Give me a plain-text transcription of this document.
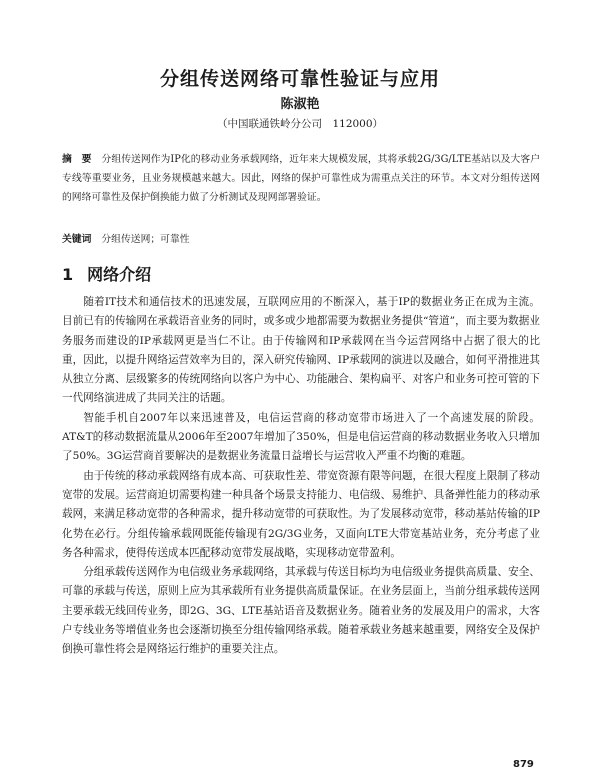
分组传送网络可靠性验证与应用
陈淑艳
（中国联通铁岭分公司　112000）
摘　要 分组传送网作为IP化的移动业务承载网络，近年来大规模发展，其将承载2G/3G/LTE基站以及大客户专线等重要业务，且业务规模越来越大。因此，网络的保护可靠性成为需重点关注的环节。本文对分组传送网的网络可靠性及保护倒换能力做了分析测试及现网部署验证。
关键词 分组传送网；可靠性
1 网络介绍

随着IT技术和通信技术的迅速发展，互联网应用的不断深入，基于IP的数据业务正在成为主流。目前已有的传输网在承载语音业务的同时，或多或少地都需要为数据业务提供“管道”，而主要为数据业务服务而建设的IP承载网更是当仁不让。由于传输网和IP承载网在当今运营网络中占据了很大的比重，因此，以提升网络运营效率为目的，深入研究传输网、IP承载网的演进以及融合，如何平滑推进其从独立分离、层级繁多的传统网络向以客户为中心、功能融合、架构扁平、对客户和业务可控可管的下一代网络演进成了共同关注的话题。

智能手机自2007年以来迅速普及，电信运营商的移动宽带市场进入了一个高速发展的阶段。AT&T的移动数据流量从2006年至2007年增加了350%，但是电信运营商的移动数据业务收入只增加了50%。3G运营商首要解决的是数据业务流量日益增长与运营收入严重不均衡的难题。

由于传统的移动承载网络有成本高、可获取性差、带宽资源有限等问题，在很大程度上限制了移动宽带的发展。运营商迫切需要构建一种具备个场景支持能力、电信级、易维护、具备弹性能力的移动承载网，来满足移动宽带的各种需求，提升移动宽带的可获取性。为了发展移动宽带，移动基站传输的IP化势在必行。分组传输承载网既能传输现有2G/3G业务，又面向LTE大带宽基站业务，充分考虑了业务各种需求，使得传送成本匹配移动宽带发展战略，实现移动宽带盈利。

分组承载传送网作为电信级业务承载网络，其承载与传送目标均为电信级业务提供高质量、安全、可靠的承载与传送，原则上应为其承载所有业务提供高质量保证。在业务层面上，当前分组承载传送网主要承载无线回传业务，即2G、3G、LTE基站语音及数据业务。随着业务的发展及用户的需求，大客户专线业务等增值业务也会逐渐切换至分组传输网络承载。随着承载业务越来越重要，网络安全及保护倒换可靠性将会是网络运行维护的重要关注点。

879
